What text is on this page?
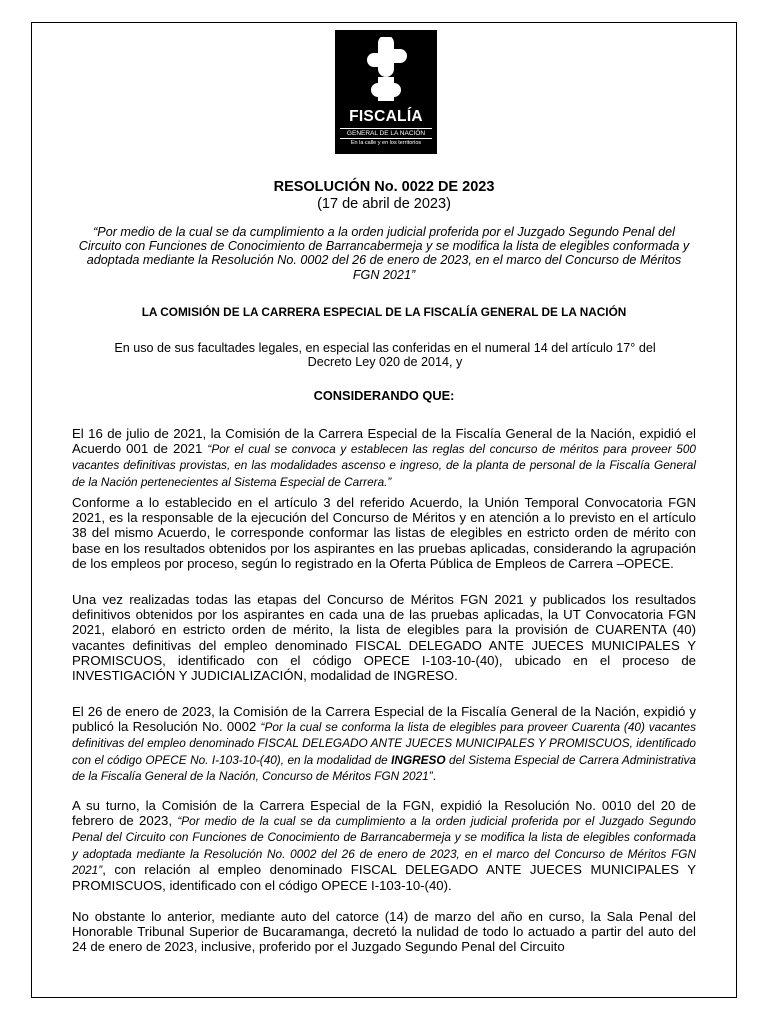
FISCALÍA
GENERAL DE LA NACIÓN
En la calle y en los territorios
RESOLUCIÓN No. 0022 DE 2023
(17 de abril de 2023)
“Por medio de la cual se da cumplimiento a la orden judicial proferida por el Juzgado Segundo Penal del Circuito con Funciones de Conocimiento de Barrancabermeja y se modifica la lista de elegibles conformada y adoptada mediante la Resolución No. 0002 del 26 de enero de 2023, en el marco del Concurso de Méritos FGN 2021”
LA COMISIÓN DE LA CARRERA ESPECIAL DE LA FISCALÍA GENERAL DE LA NACIÓN
En uso de sus facultades legales, en especial las conferidas en el numeral 14 del artículo 17° del Decreto Ley 020 de 2014, y
CONSIDERANDO QUE:
El 16 de julio de 2021, la Comisión de la Carrera Especial de la Fiscalía General de la Nación, expidió el Acuerdo 001 de 2021 “Por el cual se convoca y establecen las reglas del concurso de méritos para proveer 500 vacantes definitivas provistas, en las modalidades ascenso e ingreso, de la planta de personal de la Fiscalía General de la Nación pertenecientes al Sistema Especial de Carrera.”
Conforme a lo establecido en el artículo 3 del referido Acuerdo, la Unión Temporal Convocatoria FGN 2021, es la responsable de la ejecución del Concurso de Méritos y en atención a lo previsto en el artículo 38 del mismo Acuerdo, le corresponde conformar las listas de elegibles en estricto orden de mérito con base en los resultados obtenidos por los aspirantes en las pruebas aplicadas, considerando la agrupación de los empleos por proceso, según lo registrado en la Oferta Pública de Empleos de Carrera –OPECE.
Una vez realizadas todas las etapas del Concurso de Méritos FGN 2021 y publicados los resultados definitivos obtenidos por los aspirantes en cada una de las pruebas aplicadas, la UT Convocatoria FGN 2021, elaboró en estricto orden de mérito, la lista de elegibles para la provisión de CUARENTA (40) vacantes definitivas del empleo denominado FISCAL DELEGADO ANTE JUECES MUNICIPALES Y PROMISCUOS, identificado con el código OPECE I-103-10-(40), ubicado en el proceso de INVESTIGACIÓN Y JUDICIALIZACIÓN, modalidad de INGRESO.
El 26 de enero de 2023, la Comisión de la Carrera Especial de la Fiscalía General de la Nación, expidió y publicó la Resolución No. 0002 “Por la cual se conforma la lista de elegibles para proveer Cuarenta (40) vacantes definitivas del empleo denominado FISCAL DELEGADO ANTE JUECES MUNICIPALES Y PROMISCUOS, identificado con el código OPECE No. I-103-10-(40), en la modalidad de INGRESO del Sistema Especial de Carrera Administrativa de la Fiscalía General de la Nación, Concurso de Méritos FGN 2021”.
A su turno, la Comisión de la Carrera Especial de la FGN, expidió la Resolución No. 0010 del 20 de febrero de 2023, “Por medio de la cual se da cumplimiento a la orden judicial proferida por el Juzgado Segundo Penal del Circuito con Funciones de Conocimiento de Barrancabermeja y se modifica la lista de elegibles conformada y adoptada mediante la Resolución No. 0002 del 26 de enero de 2023, en el marco del Concurso de Méritos FGN 2021”, con relación al empleo denominado FISCAL DELEGADO ANTE JUECES MUNICIPALES Y PROMISCUOS, identificado con el código OPECE I-103-10-(40).
No obstante lo anterior, mediante auto del catorce (14) de marzo del año en curso, la Sala Penal del Honorable Tribunal Superior de Bucaramanga, decretó la nulidad de todo lo actuado a partir del auto del 24 de enero de 2023, inclusive, proferido por el Juzgado Segundo Penal del Circuito
